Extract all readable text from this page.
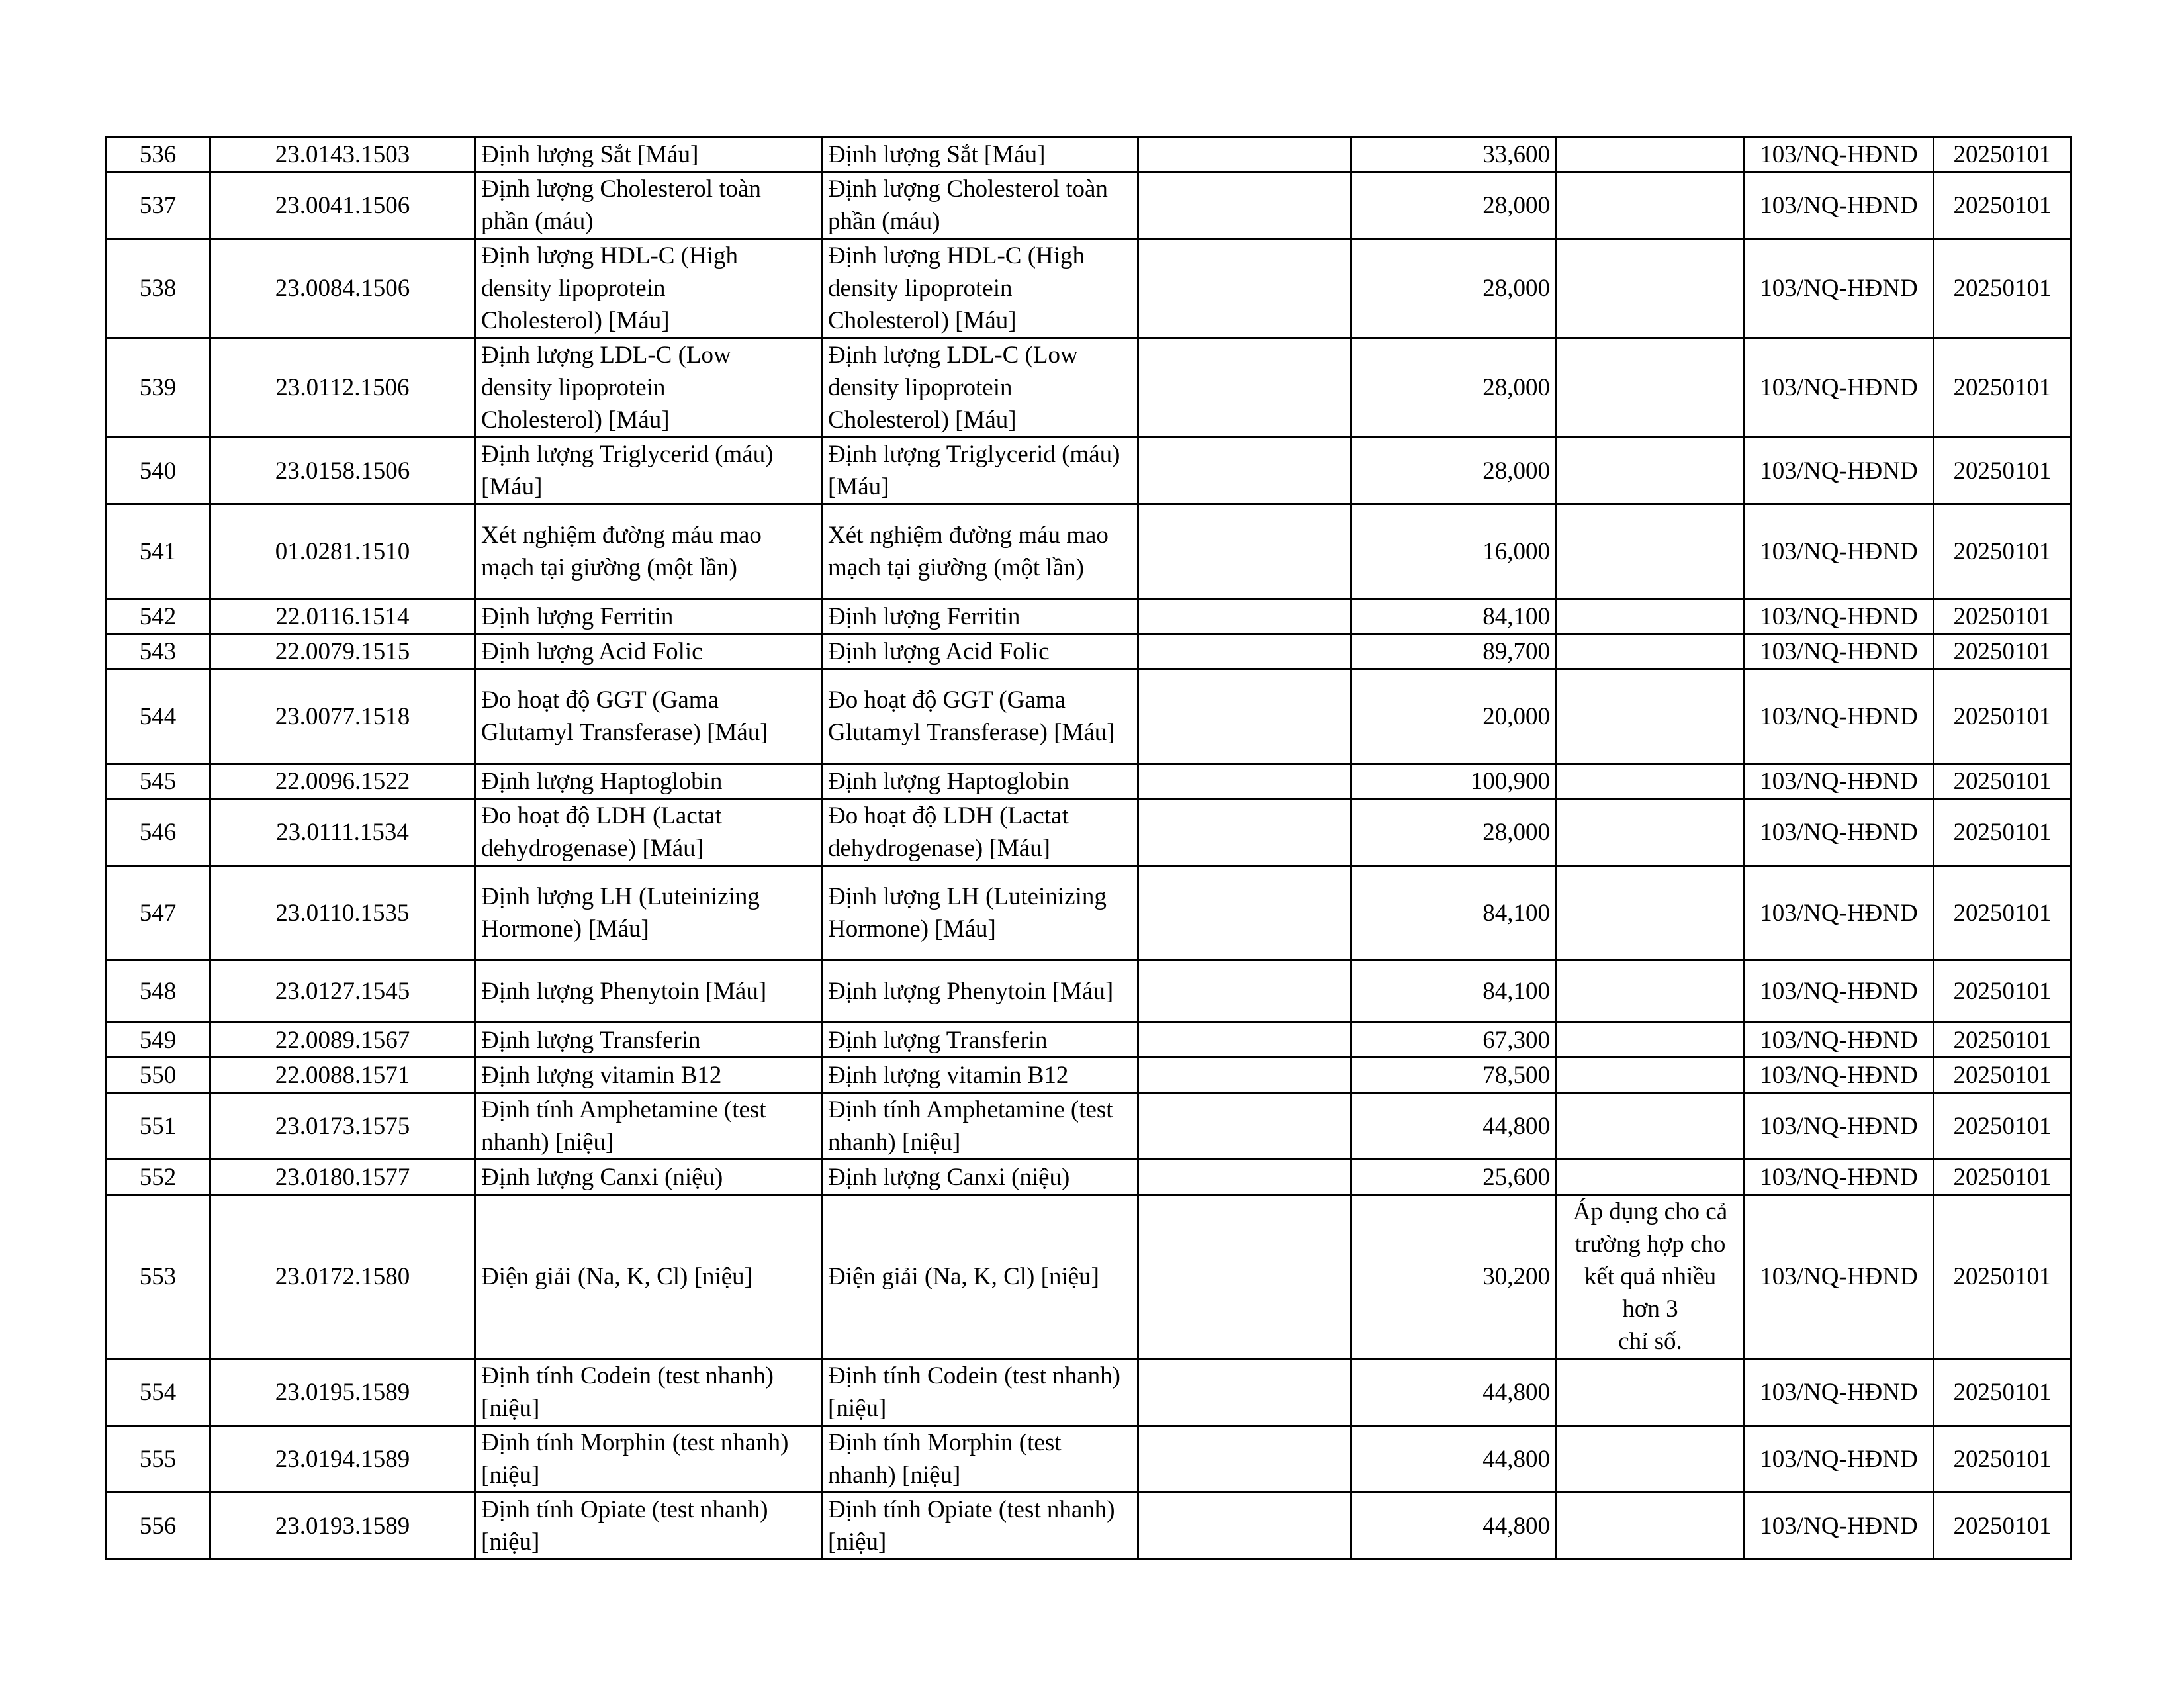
536	23.0143.1503	Định lượng Sắt [Máu]	Định lượng Sắt [Máu]		33,600		103/NQ-HĐND	20250101
537	23.0041.1506	Định lượng Cholesterol toàn
phần (máu)	Định lượng Cholesterol toàn
phần (máu)		28,000		103/NQ-HĐND	20250101
538	23.0084.1506	Định lượng HDL-C (High
density lipoprotein
Cholesterol) [Máu]	Định lượng HDL-C (High
density lipoprotein
Cholesterol) [Máu]		28,000		103/NQ-HĐND	20250101
539	23.0112.1506	Định lượng LDL-C (Low
density lipoprotein
Cholesterol) [Máu]	Định lượng LDL-C (Low
density lipoprotein
Cholesterol) [Máu]		28,000		103/NQ-HĐND	20250101
540	23.0158.1506	Định lượng Triglycerid (máu)
[Máu]	Định lượng Triglycerid (máu)
[Máu]		28,000		103/NQ-HĐND	20250101
541	01.0281.1510	Xét nghiệm đường máu mao
mạch tại giường (một lần)	Xét nghiệm đường máu mao
mạch tại giường (một lần)		16,000		103/NQ-HĐND	20250101
542	22.0116.1514	Định lượng Ferritin	Định lượng Ferritin		84,100		103/NQ-HĐND	20250101
543	22.0079.1515	Định lượng Acid Folic	Định lượng Acid Folic		89,700		103/NQ-HĐND	20250101
544	23.0077.1518	Đo hoạt độ GGT (Gama
Glutamyl Transferase) [Máu]	Đo hoạt độ GGT (Gama
Glutamyl Transferase) [Máu]		20,000		103/NQ-HĐND	20250101
545	22.0096.1522	Định lượng Haptoglobin	Định lượng Haptoglobin		100,900		103/NQ-HĐND	20250101
546	23.0111.1534	Đo hoạt độ LDH (Lactat
dehydrogenase) [Máu]	Đo hoạt độ LDH (Lactat
dehydrogenase) [Máu]		28,000		103/NQ-HĐND	20250101
547	23.0110.1535	Định lượng LH (Luteinizing
Hormone) [Máu]	Định lượng LH (Luteinizing
Hormone) [Máu]		84,100		103/NQ-HĐND	20250101
548	23.0127.1545	Định lượng Phenytoin [Máu]	Định lượng Phenytoin [Máu]		84,100		103/NQ-HĐND	20250101
549	22.0089.1567	Định lượng Transferin	Định lượng Transferin		67,300		103/NQ-HĐND	20250101
550	22.0088.1571	Định lượng vitamin B12	Định lượng vitamin B12		78,500		103/NQ-HĐND	20250101
551	23.0173.1575	Định tính Amphetamine (test
nhanh) [niệu]	Định tính Amphetamine (test
nhanh) [niệu]		44,800		103/NQ-HĐND	20250101
552	23.0180.1577	Định lượng Canxi (niệu)	Định lượng Canxi (niệu)		25,600		103/NQ-HĐND	20250101
553	23.0172.1580	Điện giải (Na, K, Cl) [niệu]	Điện giải (Na, K, Cl) [niệu]		30,200	Áp dụng cho cả
trường hợp cho
kết quả nhiều
hơn 3
chỉ số.	103/NQ-HĐND	20250101
554	23.0195.1589	Định tính Codein (test nhanh)
[niệu]	Định tính Codein (test nhanh)
[niệu]		44,800		103/NQ-HĐND	20250101
555	23.0194.1589	Định tính Morphin (test nhanh)
[niệu]	Định tính Morphin (test
nhanh) [niệu]		44,800		103/NQ-HĐND	20250101
556	23.0193.1589	Định tính Opiate (test nhanh)
[niệu]	Định tính Opiate (test nhanh)
[niệu]		44,800		103/NQ-HĐND	20250101
